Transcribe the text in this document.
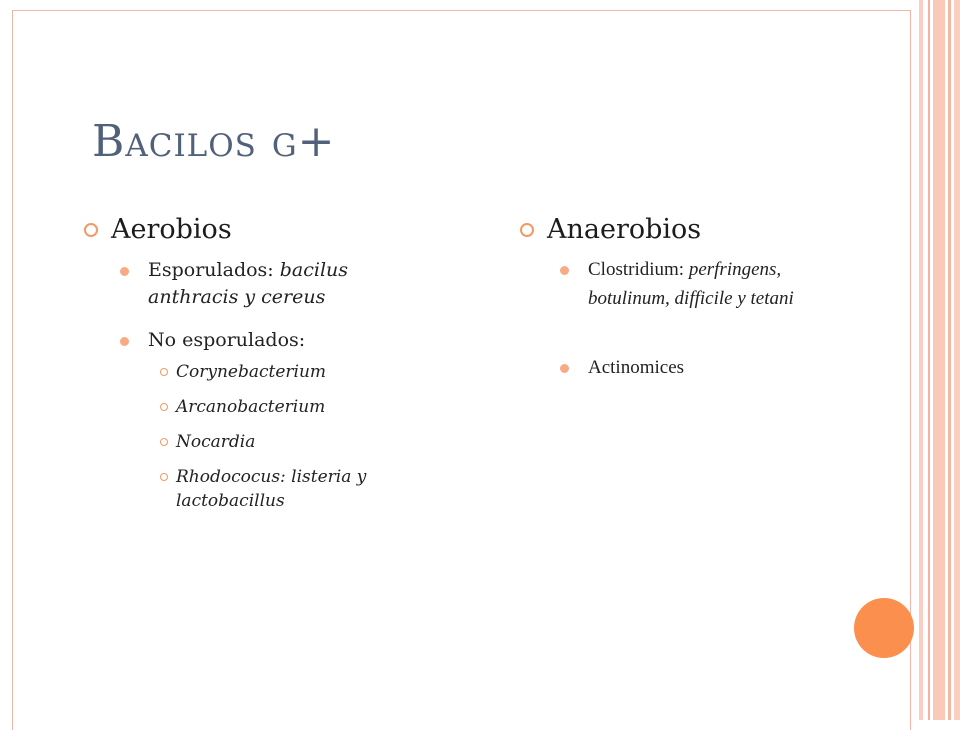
Bacilos g+
Aerobios
Esporulados: bacilus
anthracis y cereus
No esporulados:
Corynebacterium
Arcanobacterium
Nocardia
Rhodococus: listeria y
lactobacillus
Anaerobios
Clostridium: perfringens,
botulinum, difficile y tetani
Actinomices
